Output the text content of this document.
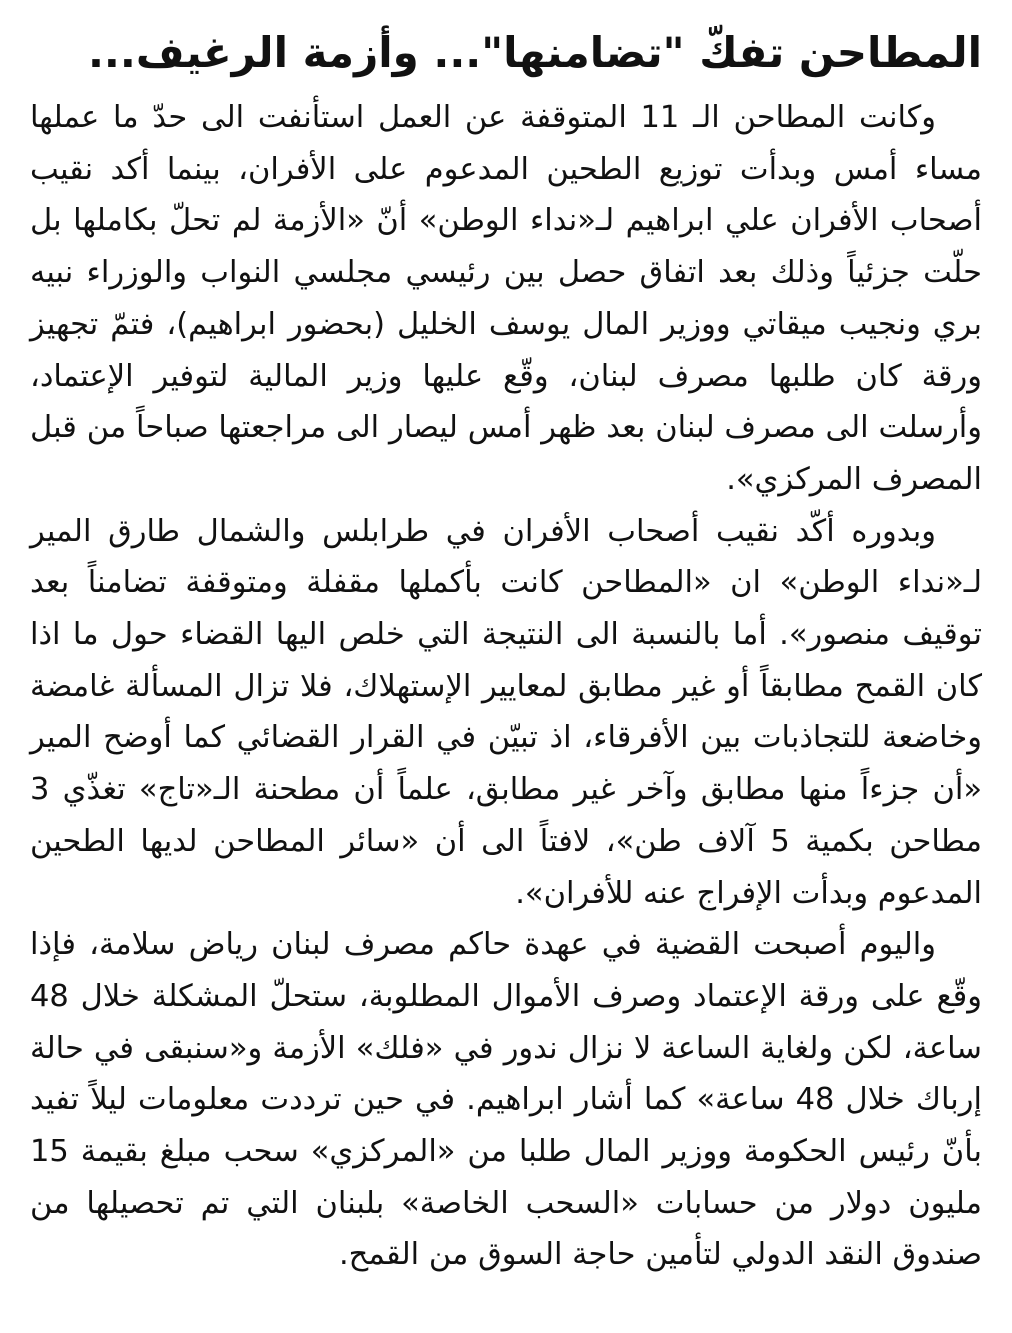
المطاحن تفكّ "تضامنها"... وأزمة الرغيف...

وكانت المطاحن الـ 11 المتوقفة عن العمل استأنفت الى حدّ ما عملها مساء أمس وبدأت توزيع الطحين المدعوم على الأفران، بينما أكد نقيب أصحاب الأفران علي ابراهيم لـ«نداء الوطن» أنّ «الأزمة لم تحلّ بكاملها بل حلّت جزئياً وذلك بعد اتفاق حصل بين رئيسي مجلسي النواب والوزراء نبيه بري ونجيب ميقاتي ووزير المال يوسف الخليل (بحضور ابراهيم)، فتمّ تجهيز ورقة كان طلبها مصرف لبنان، وقّع عليها وزير المالية لتوفير الإعتماد، وأرسلت الى مصرف لبنان بعد ظهر أمس ليصار الى مراجعتها صباحاً من قبل المصرف المركزي».

وبدوره أكّد نقيب أصحاب الأفران في طرابلس والشمال طارق المير لـ«نداء الوطن» ان «المطاحن كانت بأكملها مقفلة ومتوقفة تضامناً بعد توقيف منصور». أما بالنسبة الى النتيجة التي خلص اليها القضاء حول ما اذا كان القمح مطابقاً أو غير مطابق لمعايير الإستهلاك، فلا تزال المسألة غامضة وخاضعة للتجاذبات بين الأفرقاء، اذ تبيّن في القرار القضائي كما أوضح المير «أن جزءاً منها مطابق وآخر غير مطابق، علماً أن مطحنة الـ«تاج» تغذّي 3 مطاحن بكمية 5 آلاف طن»، لافتاً الى أن «سائر المطاحن لديها الطحين المدعوم وبدأت الإفراج عنه للأفران».

واليوم أصبحت القضية في عهدة حاكم مصرف لبنان رياض سلامة، فإذا وقّع على ورقة الإعتماد وصرف الأموال المطلوبة، ستحلّ المشكلة خلال 48 ساعة، لكن ولغاية الساعة لا نزال ندور في «فلك» الأزمة و«سنبقى في حالة إرباك خلال 48 ساعة» كما أشار ابراهيم. في حين ترددت معلومات ليلاً تفيد بأنّ رئيس الحكومة ووزير المال طلبا من «المركزي» سحب مبلغ بقيمة 15 مليون دولار من حسابات «السحب الخاصة» بلبنان التي تم تحصيلها من صندوق النقد الدولي لتأمين حاجة السوق من القمح.
